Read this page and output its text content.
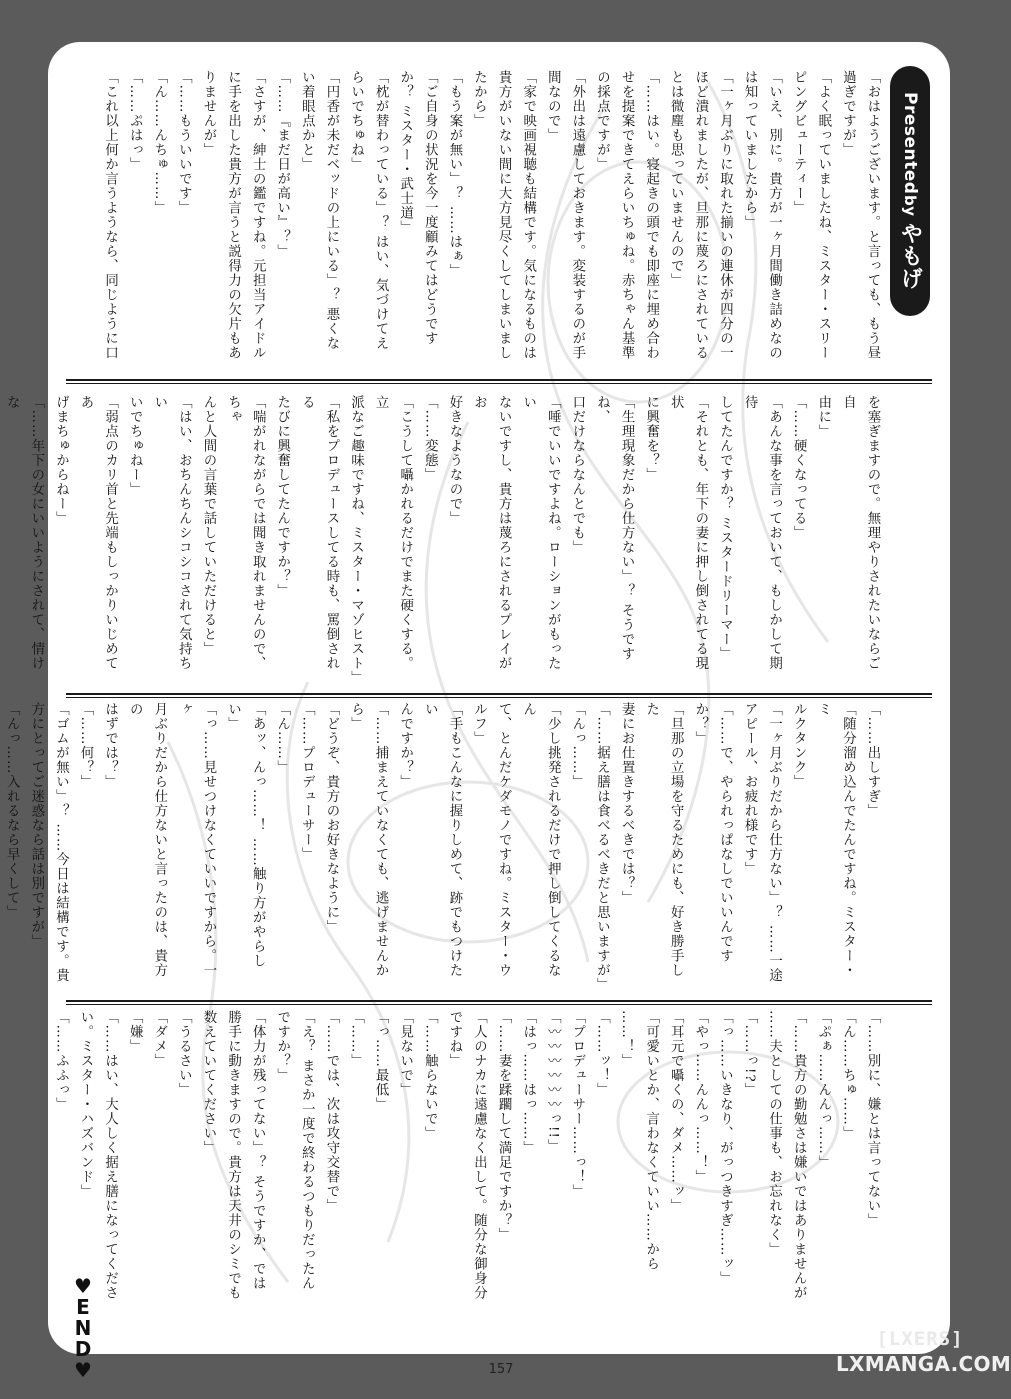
Presented
by
やもげ
「おはようございます。と言っても、もう昼
過ぎですが」
「よく眠っていましたね、ミスター・スリー
ピングビューティー」
「いえ、別に。貴方が一ヶ月間働き詰めなの
は知っていましたから」
「一ヶ月ぶりに取れた揃いの連休が四分の一
ほど潰れましたが、旦那に蔑ろにされている
とは微塵も思っていませんので」
「……はい。寝起きの頭でも即座に埋め合わ
せを提案できてえらいちゅね。赤ちゃん基準
の採点ですが」
「外出は遠慮しておきます。変装するのが手
間なので」
「家で映画視聴も結構です。気になるものは
貴方がいない間に大方見尽くしてしまいまし
たから」
「もう案が無い」？ ……はぁ」
「ご自身の状況を今一度顧みてはどうです
か？ ミスター・武士道」
「枕が替わっている」？ はい、気づけてえ
らいでちゅね」
「円香が未だベッドの上にいる」？ 悪くな
い着眼点かと」
「……『まだ日が高い』？」
「さすが、紳士の鑑ですね。元担当アイドル
に手を出した貴方が言うと説得力の欠片もあ
りませんが」
「……もういいです」
「ん……んちゅ……」
「……ぷはっ」
「これ以上何か言うようなら、同じように口
を塞ぎますので。無理やりされたいならご自
由に」
「……硬くなってる」
「あんな事を言っておいて、もしかして期待
してたんですか？ ミスタードリーマー」
「それとも、年下の妻に押し倒されてる現状
に興奮を？」
「生理現象だから仕方ない」？ そうですね、
口だけならなんとでも」
「唾でいいですよね。ローションがもったい
ないですし、貴方は蔑ろにされるプレイがお
好きなようなので」
「……変態」
「こうして囁かれるだけでまた硬くする。立
派なご趣味ですね、ミスター・マゾヒスト」
「私をプロデュースしてる時も、罵倒される
たびに興奮してたんですか？」
「喘がれながらでは聞き取れませんので、ちゃ
んと人間の言葉で話していただけると」
「はい、おちんちんシコシコされて気持ちい
いでちゅねー」
「弱点のカリ首と先端もしっかりいじめてあ
げまちゅからねー」
「……年下の女にいいようにされて、情けな
「……出しすぎ」
「随分溜め込んでたんですね。ミスター・ミ
ルクタンク」
「一ヶ月ぶりだから仕方ない」？ ……一途
アピール、お疲れ様です」
「……で、やられっぱなしでいいんですか？」
「旦那の立場を守るためにも、好き勝手した
妻にお仕置きするべきでは？」
「……据え膳は食べるべきだと思いますが」
「んっ……」
「少し挑発されるだけで押し倒してくるなん
て、とんだケダモノですね。ミスター・ウルフ」
「手もこんなに握りしめて、跡でもつけたい
んですか？」
「……捕まえていなくても、逃げませんから」
「どうぞ、貴方のお好きなように」
「……プロデューサー」
「ん……」
「あッ、んっ……！ ……触り方がやらしい」
「っ……見せつけなくていいですから。一ヶ
月ぶりだから仕方ないと言ったのは、貴方の
はずでは？」
「……何？」
「ゴムが無い」？ ……今日は結構です。貴
方にとってご迷惑なら話は別ですが」
「んっ……入れるなら早くして」
「……別に、嫌とは言ってない」
「ん……ちゅ……」
「ぷぁ……んんっ……」
「……貴方の勤勉さは嫌いではありませんが
……夫としての仕事も、お忘れなく」
「……っ!?」
「っ……いきなり、がっつきすぎ……ッ」
「やっ……んんっ……！」
「耳元で囁くの、ダメ……ッ」
「可愛いとか、言わなくていい……から
……！」
「……ッ！」
「プロデューサー……っ！」
「〰〰〰〰〰〰っ!!」
「はっ……はっ……」
「……妻を蹂躙して満足ですか？」
「人のナカに遠慮なく出して。随分な御身分
ですね」
「……触らないで」
「見ないで」
「っ……最低」
「……」
「……では、次は攻守交替で」
「え？ まさか一度で終わるつもりだったん
ですか？」
「体力が残ってない」？ そうですか、では
勝手に動きますので。貴方は天井のシミでも
数えていてください」
「うるさい」
「ダメ」
「嫌」
「……はい、大人しく据え膳になってくださ
い。ミスター・ハズバンド」
「……ふふっ」
♥END♥	157
[LXERS]
LXMANGA.COM
